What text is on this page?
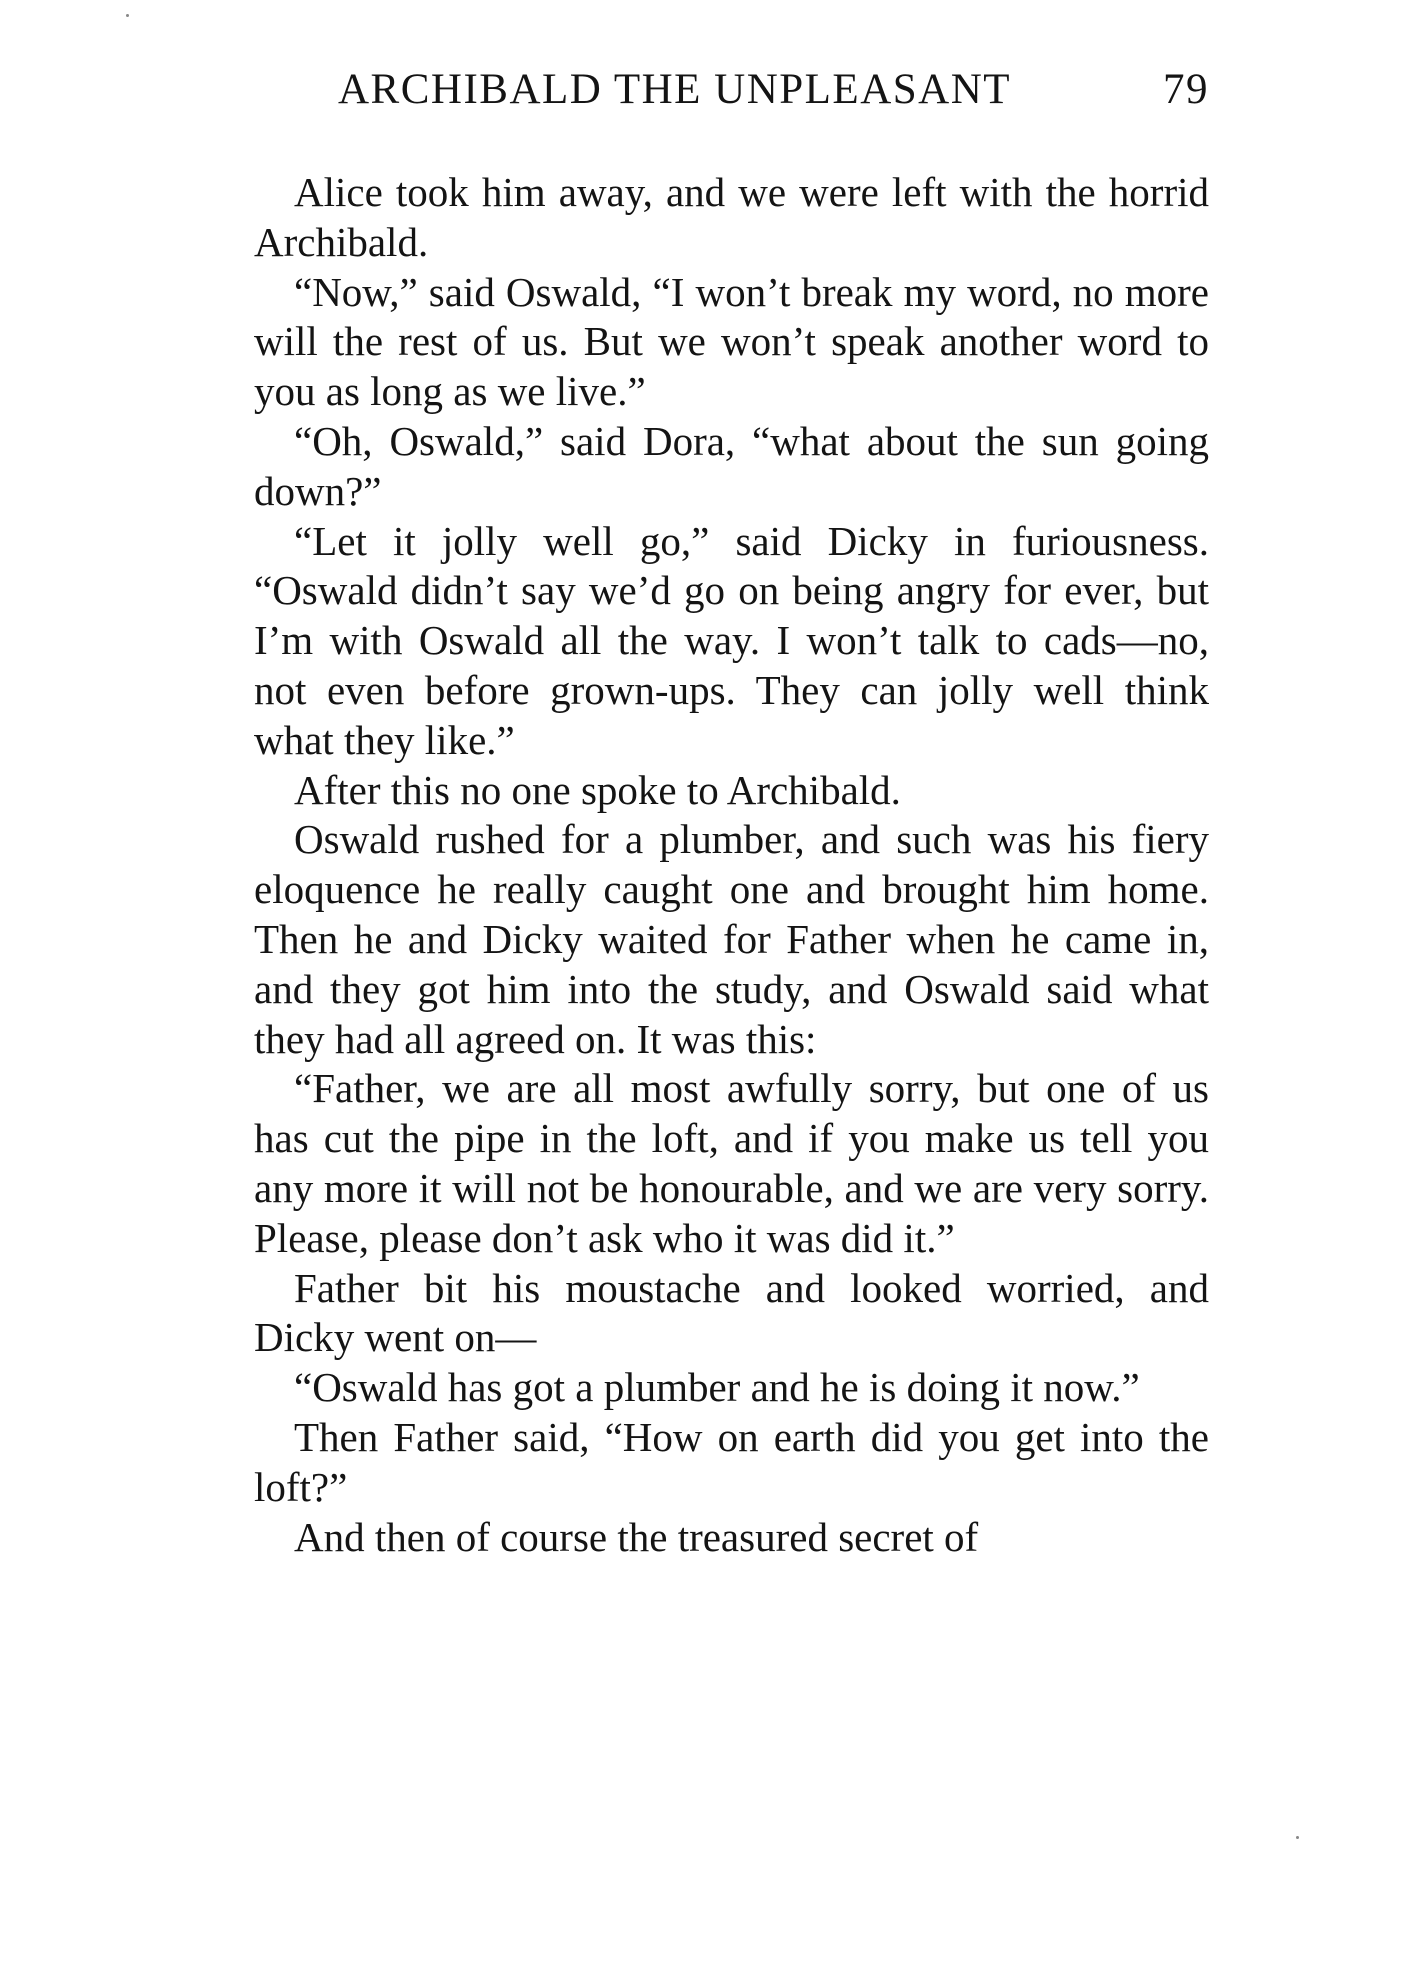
ARCHIBALD THE UNPLEASANT	79

Alice took him away, and we were left with the horrid Archibald.

“Now,” said Oswald, “I won’t break my word, no more will the rest of us. But we won’t speak another word to you as long as we live.”

“Oh, Oswald,” said Dora, “what about the sun going down?”

“Let it jolly well go,” said Dicky in furiousness. “Oswald didn’t say we’d go on being angry for ever, but I’m with Oswald all the way. I won’t talk to cads—no, not even before grown-ups. They can jolly well think what they like.”

After this no one spoke to Archibald.

Oswald rushed for a plumber, and such was his fiery eloquence he really caught one and brought him home. Then he and Dicky waited for Father when he came in, and they got him into the study, and Oswald said what they had all agreed on. It was this:

“Father, we are all most awfully sorry, but one of us has cut the pipe in the loft, and if you make us tell you any more it will not be honourable, and we are very sorry. Please, please don’t ask who it was did it.”

Father bit his moustache and looked worried, and Dicky went on—

“Oswald has got a plumber and he is doing it now.”

Then Father said, “How on earth did you get into the loft?”

And then of course the treasured secret of
